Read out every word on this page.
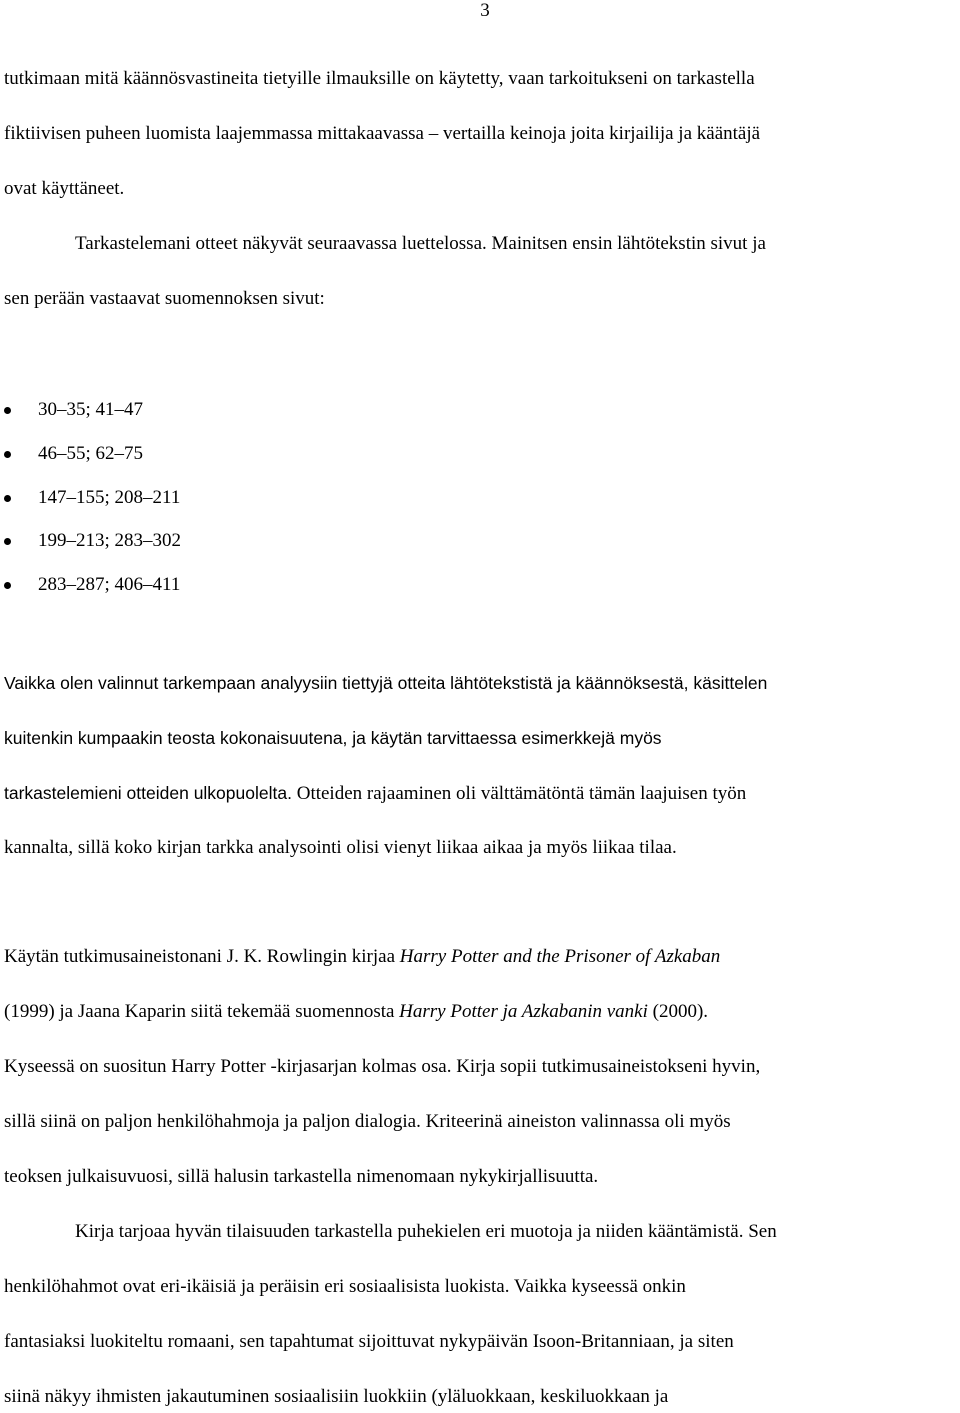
3
tutkimaan mitä käännösvastineita tietyille ilmauksille on käytetty, vaan tarkoitukseni on tarkastella
fiktiivisen puheen luomista laajemmassa mittakaavassa – vertailla keinoja joita kirjailija ja kääntäjä
ovat käyttäneet.
Tarkastelemani otteet näkyvät seuraavassa luettelossa. Mainitsen ensin lähtötekstin sivut ja
sen perään vastaavat suomennoksen sivut:
30–35; 41–47
46–55; 62–75
147–155; 208–211
199–213; 283–302
283–287; 406–411
Vaikka olen valinnut tarkempaan analyysiin tiettyjä otteita lähtötekstistä ja käännöksestä, käsittelen
kuitenkin kumpaakin teosta kokonaisuutena, ja käytän tarvittaessa esimerkkejä myös
tarkastelemieni otteiden ulkopuolelta. Otteiden rajaaminen oli välttämätöntä tämän laajuisen työn
kannalta, sillä koko kirjan tarkka analysointi olisi vienyt liikaa aikaa ja myös liikaa tilaa.
Käytän tutkimusaineistonani J. K. Rowlingin kirjaa Harry Potter and the Prisoner of Azkaban
(1999) ja Jaana Kaparin siitä tekemää suomennosta Harry Potter ja Azkabanin vanki (2000).
Kyseessä on suositun Harry Potter -kirjasarjan kolmas osa. Kirja sopii tutkimusaineistokseni hyvin,
sillä siinä on paljon henkilöhahmoja ja paljon dialogia. Kriteerinä aineiston valinnassa oli myös
teoksen julkaisuvuosi, sillä halusin tarkastella nimenomaan nykykirjallisuutta.
Kirja tarjoaa hyvän tilaisuuden tarkastella puhekielen eri muotoja ja niiden kääntämistä. Sen
henkilöhahmot ovat eri-ikäisiä ja peräisin eri sosiaalisista luokista. Vaikka kyseessä onkin
fantasiaksi luokiteltu romaani, sen tapahtumat sijoittuvat nykypäivän Isoon-Britanniaan, ja siten
siinä näkyy ihmisten jakautuminen sosiaalisiin luokkiin (yläluokkaan, keskiluokkaan ja
